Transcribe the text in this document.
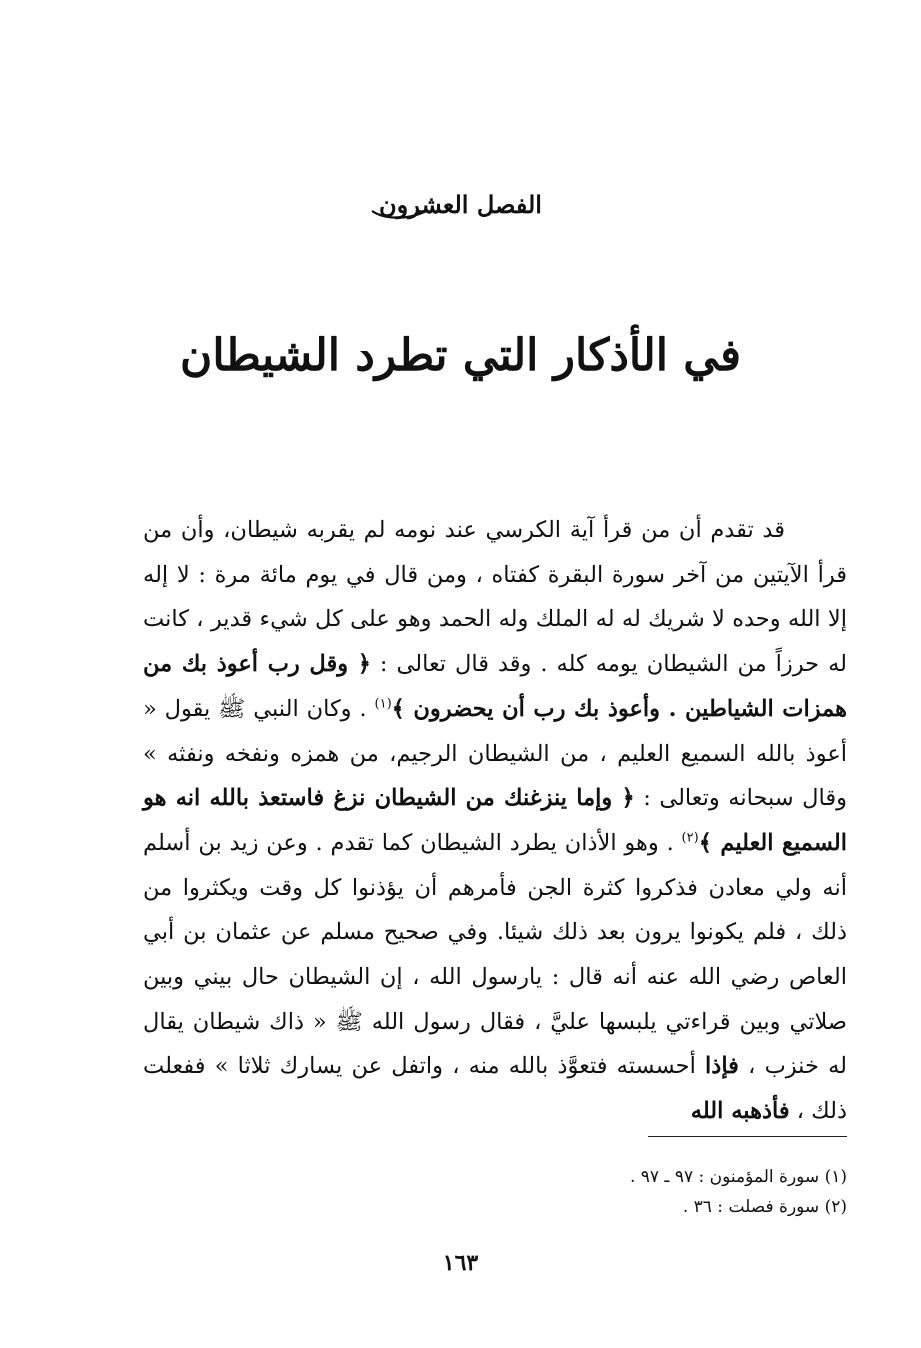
الفصل العشرون
في الأذكار التي تطرد الشيطان

قد تقدم أن من قرأ آية الكرسي عند نومه لم يقربه شيطان، وأن من قرأ الآيتين من آخر سورة البقرة كفتاه ، ومن قال في يوم مائة مرة : لا إله إلا الله وحده لا شريك له له الملك وله الحمد وهو على كل شيء قدير ، كانت له حرزاً من الشيطان يومه كله . وقد قال تعالى : ﴿ وقل رب أعوذ بك من همزات الشياطين . وأعوذ بك رب أن يحضرون ﴾$^{(١)}$ . وكان النبي ﷺ يقول « أعوذ بالله السميع العليم ، من الشيطان الرجيم، من همزه ونفخه ونفثه » وقال سبحانه وتعالى : ﴿ وإما ينزغنك من الشيطان نزغ فاستعذ بالله انه هو السميع العليم ﴾$^{(٢)}$ . وهو الأذان يطرد الشيطان كما تقدم . وعن زيد بن أسلم أنه ولي معادن فذكروا كثرة الجن فأمرهم أن يؤذنوا كل وقت ويكثروا من ذلك ، فلم يكونوا يرون بعد ذلك شيئا. وفي صحيح مسلم عن عثمان بن أبي العاص رضي الله عنه أنه قال : يارسول الله ، إن الشيطان حال بيني وبين صلاتي وبين قراءتي يلبسها عليَّ ، فقال رسول الله ﷺ « ذاك شيطان يقال له خنزب ، فإذا أحسسته فتعوَّذ بالله منه ، واتفل عن يسارك ثلاثا » ففعلت ذلك ، فأذهبه الله

(١) سورة المؤمنون : ٩٧ ـ ٩٧ .
(٢) سورة فصلت : ٣٦ .
١٦٣
